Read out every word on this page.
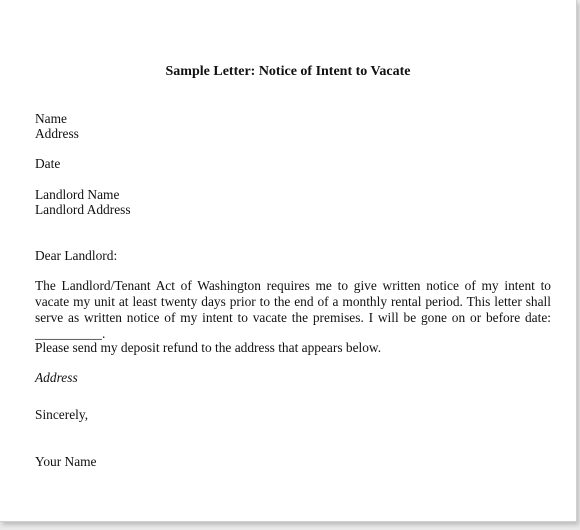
Sample Letter: Notice of Intent to Vacate

Name

Address

Date

Landlord Name

Landlord Address

Dear Landlord:

The Landlord/Tenant Act of Washington requires me to give written notice of my intent to vacate my unit at least twenty days prior to the end of a monthly rental period. This letter shall serve as written notice of my intent to vacate the premises. I will be gone on or before date: __________.

Please send my deposit refund to the address that appears below.

Address

Sincerely,

Your Name
